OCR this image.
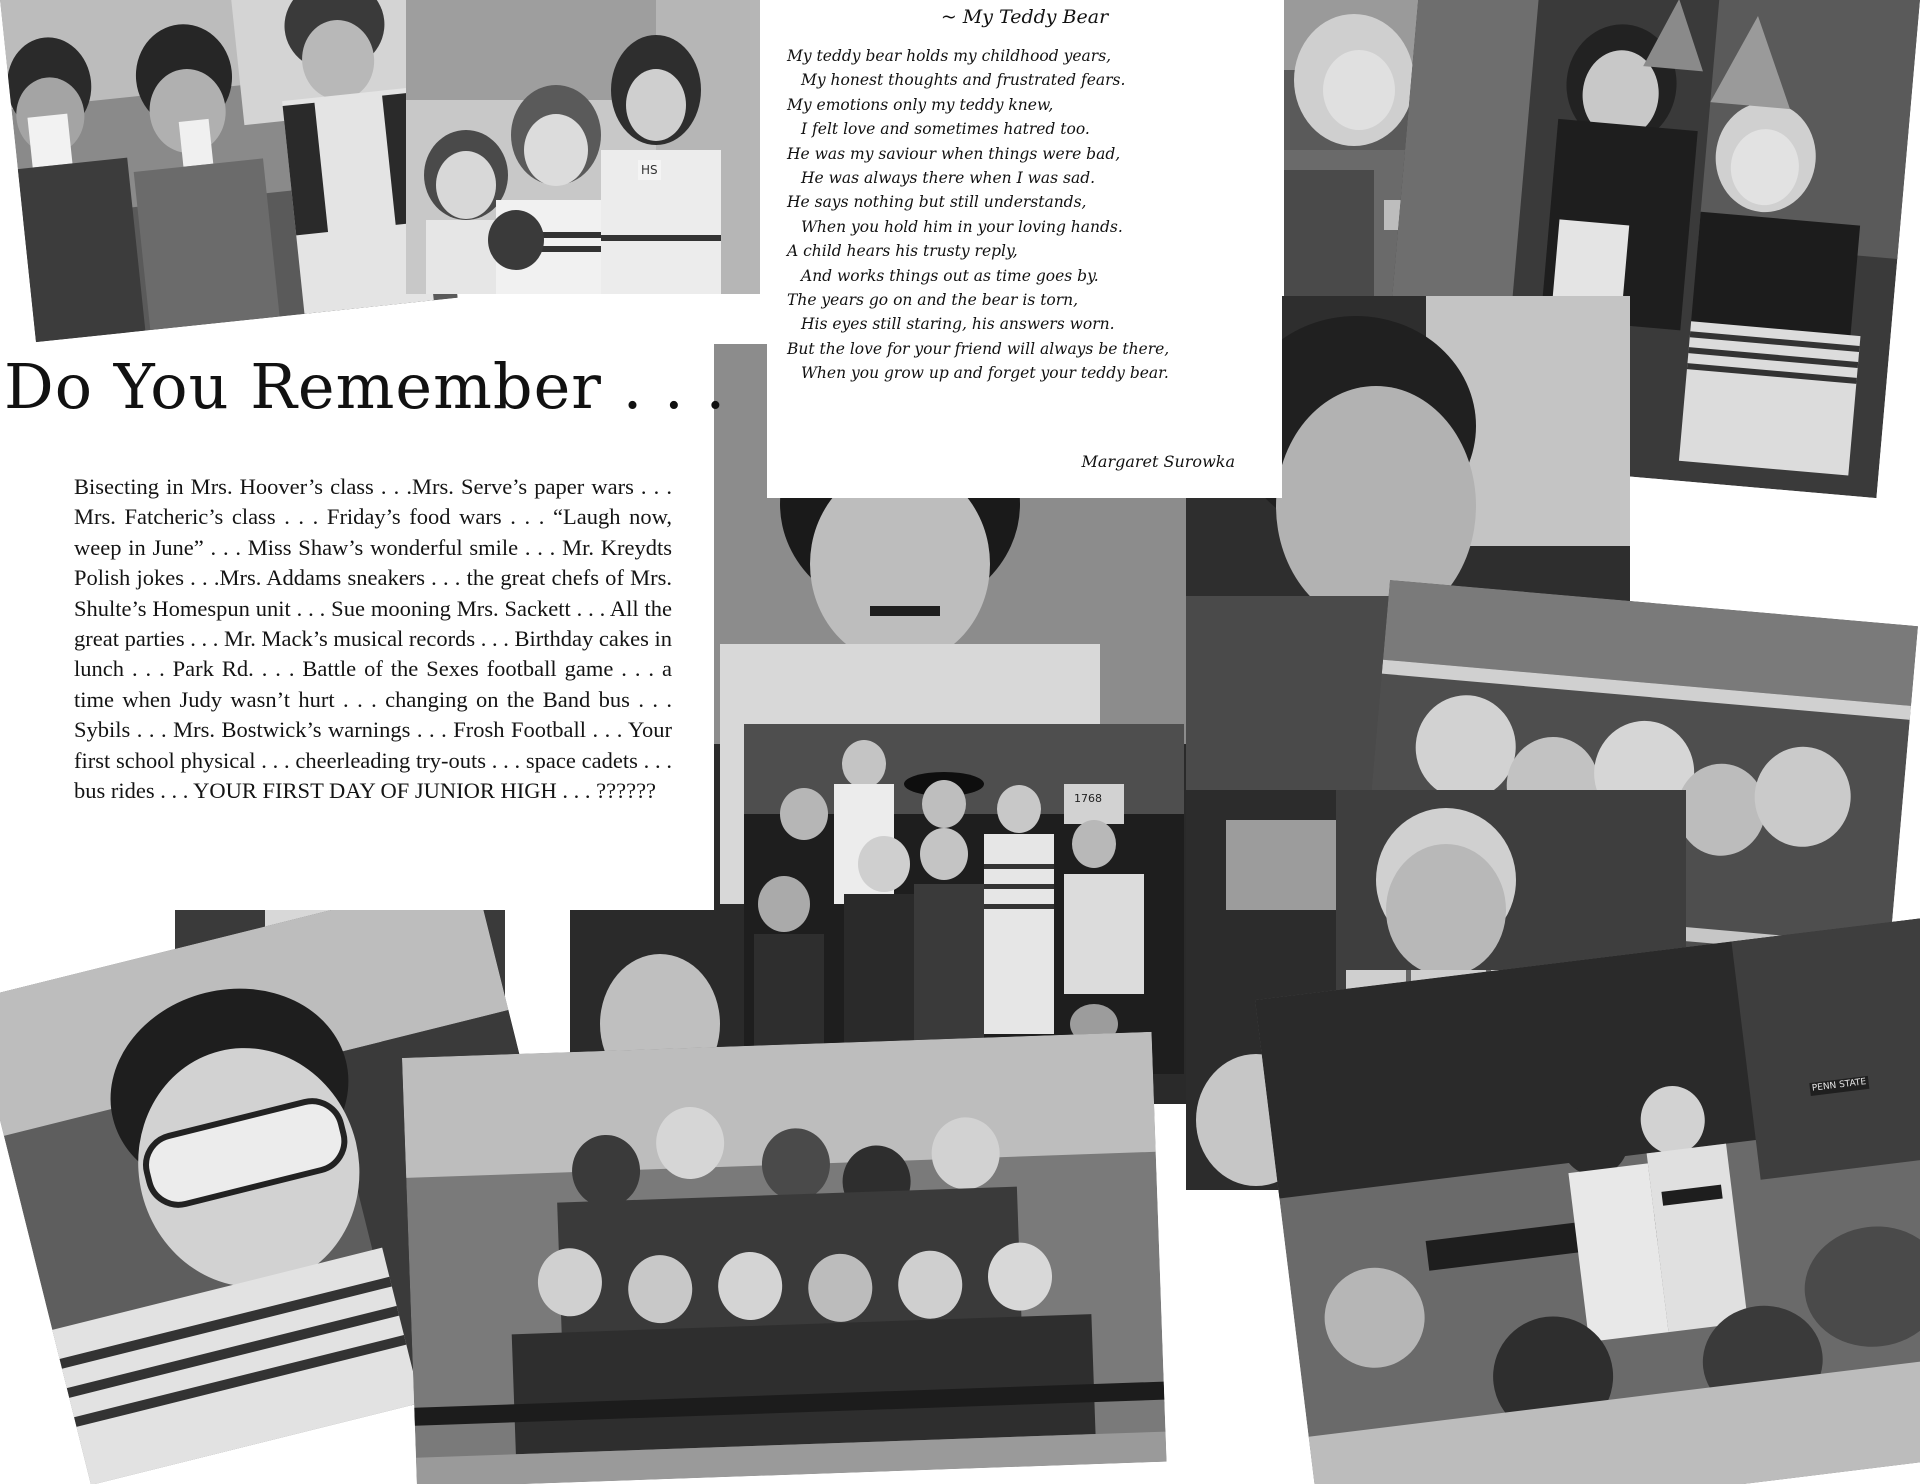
HS
PENN STATE
1768
Do You Remember . . .
Bisecting in Mrs. Hoover’s class . . .Mrs. Serve’s paper wars . . . Mrs. Fatcheric’s class . . . Friday’s food wars . . . “Laugh now, weep in June” . . . Miss Shaw’s wonderful smile . . . Mr. Kreydts Polish jokes . . .Mrs. Addams sneakers . . . the great chefs of Mrs. Shulte’s Homespun unit . . . Sue mooning Mrs. Sackett . . . All the great parties . . . Mr. Mack’s musical records . . . Birthday cakes in lunch . . . Park Rd. . . . Battle of the Sexes football game . . . a time when Judy wasn’t hurt . . . changing on the Band bus . . . Sybils . . . Mrs. Bostwick’s warnings . . . Frosh Football . . . Your first school physical . . . cheerleading try-outs . . . space cadets . . . bus rides . . . YOUR FIRST DAY OF JUNIOR HIGH . . . ??????
~ My Teddy Bear
My teddy bear holds my childhood years,
My honest thoughts and frustrated fears.
My emotions only my teddy knew,
I felt love and sometimes hatred too.
He was my saviour when things were bad,
He was always there when I was sad.
He says nothing but still understands,
When you hold him in your loving hands.
A child hears his trusty reply,
And works things out as time goes by.
The years go on and the bear is torn,
His eyes still staring, his answers worn.
But the love for your friend will always be there,
When you grow up and forget your teddy bear.
Margaret Surowka
